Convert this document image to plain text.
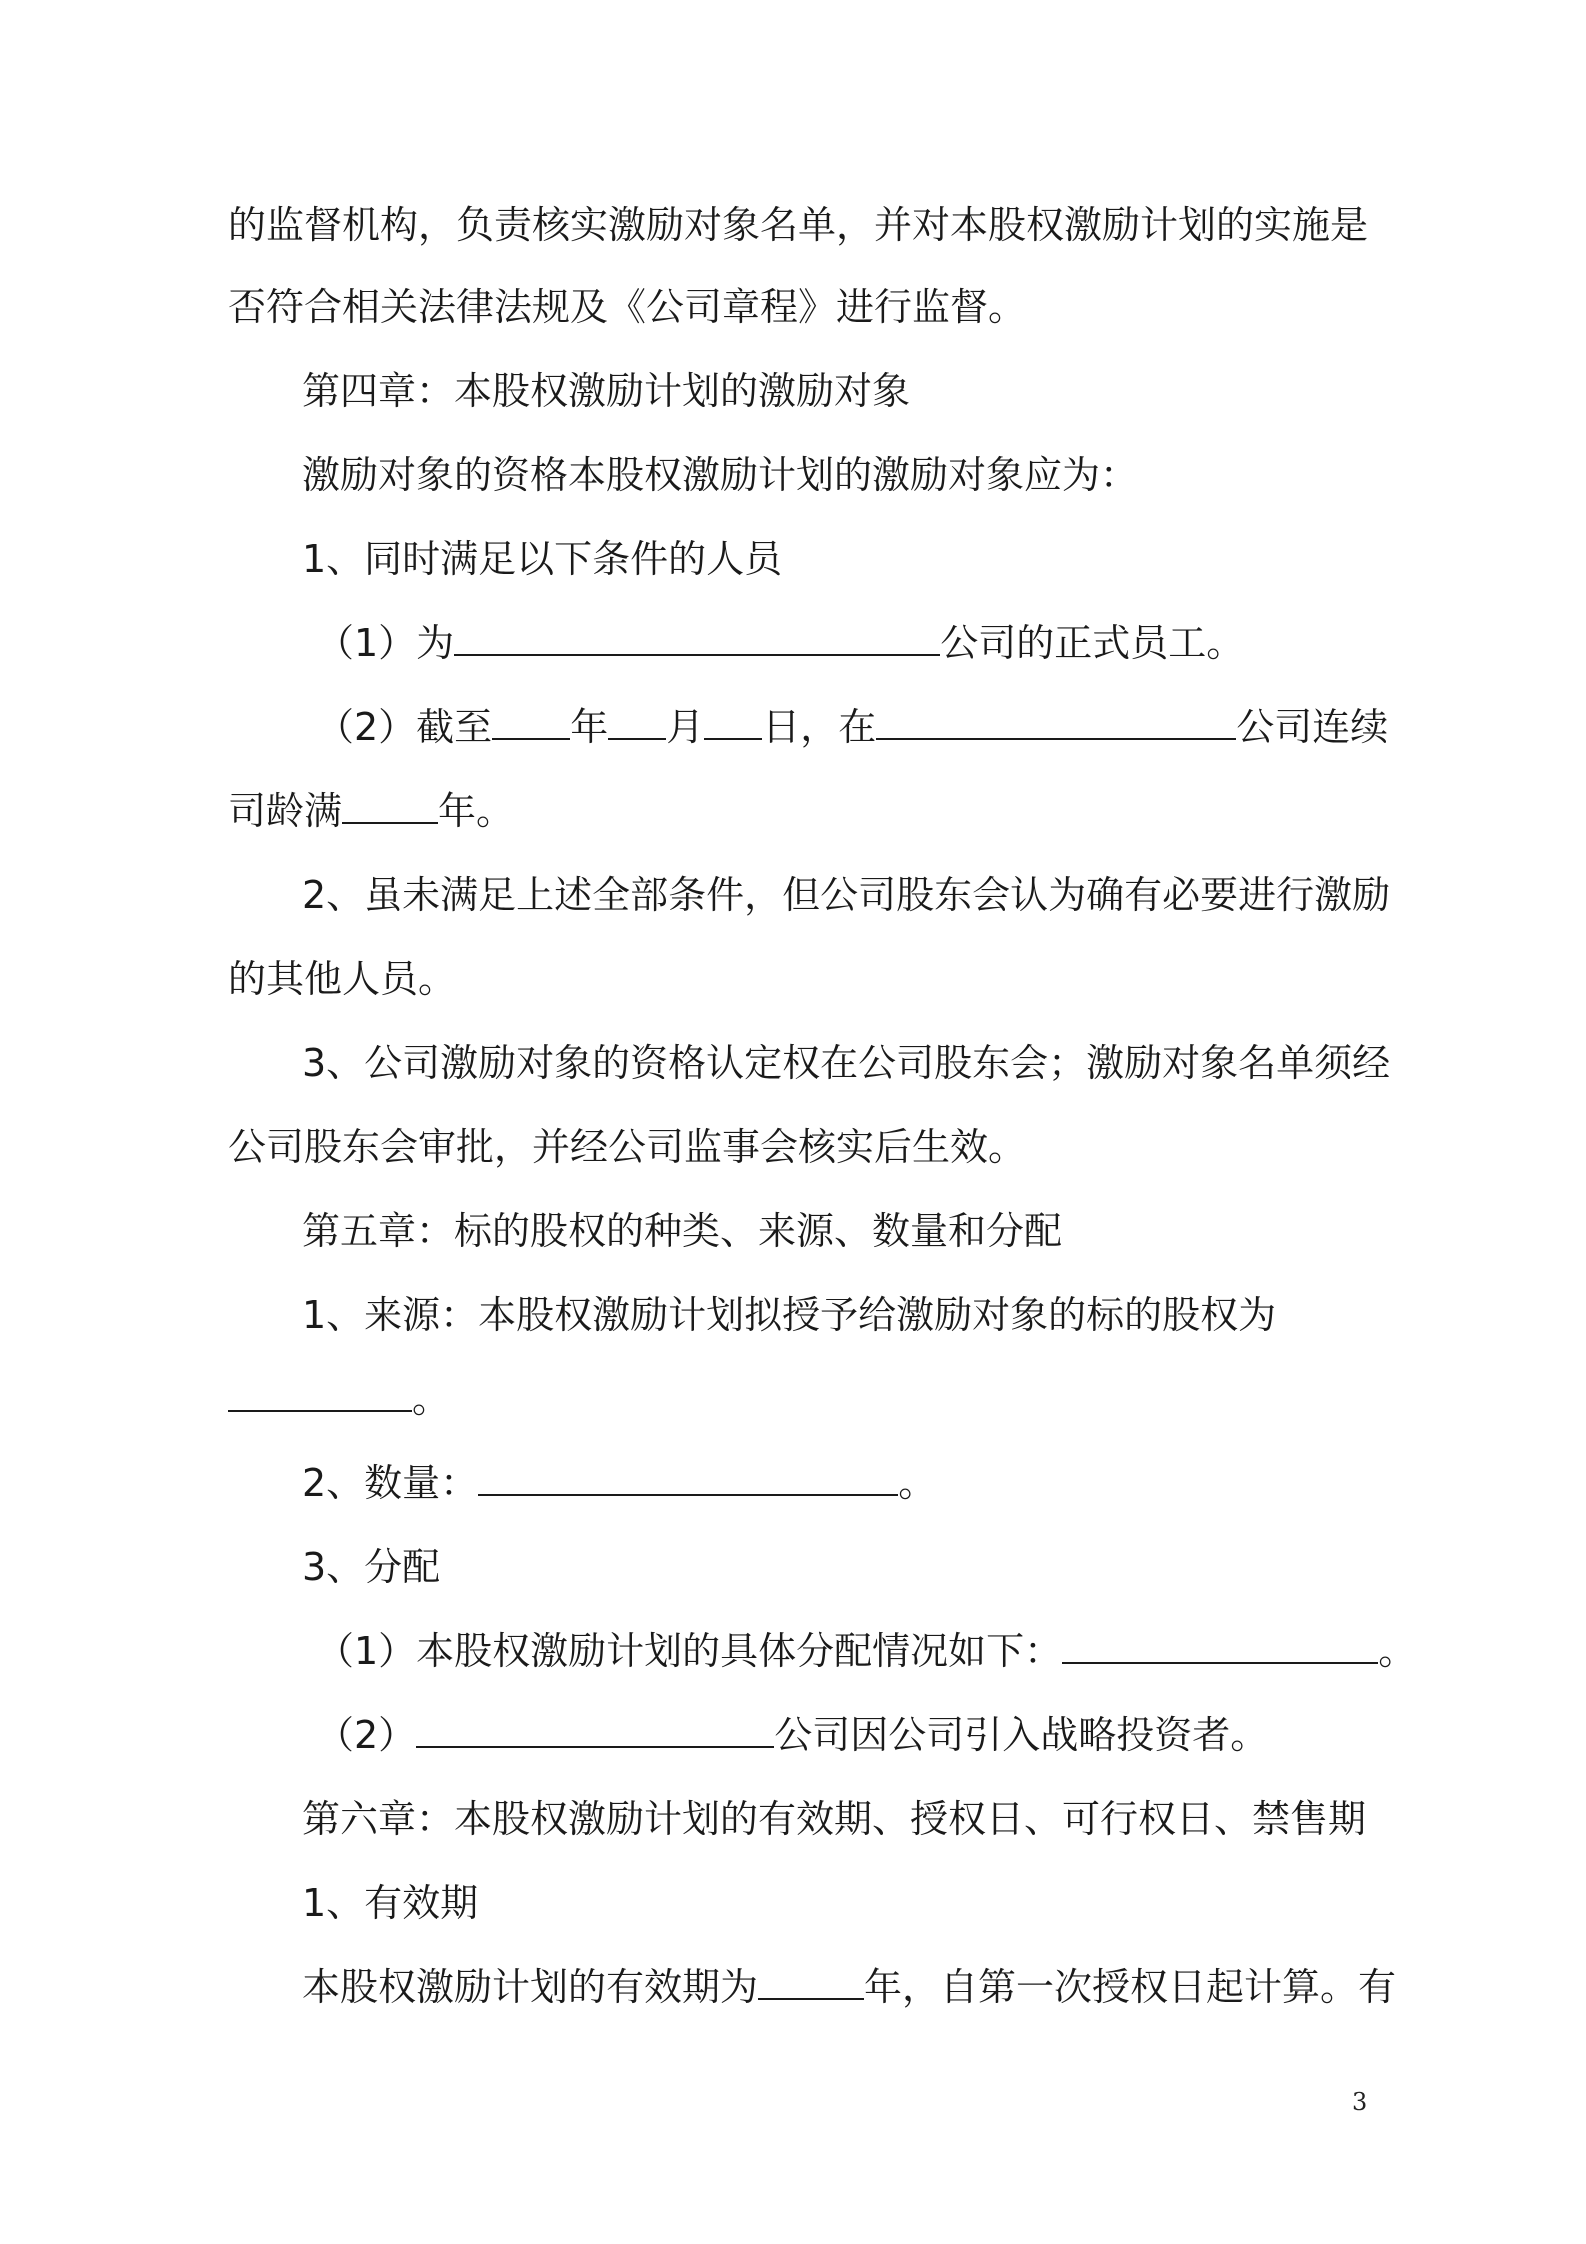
的监督机构，负责核实激励对象名单，并对本股权激励计划的实施是

否符合相关法律法规及《公司章程》进行监督。

第四章：本股权激励计划的激励对象

激励对象的资格本股权激励计划的激励对象应为：

1、同时满足以下条件的人员

（1）为	公司的正式员工。

（2）截至 年 月 日，在	公司连续

司龄满	年。

2、虽未满足上述全部条件，但公司股东会认为确有必要进行激励

的其他人员。

3、公司激励对象的资格认定权在公司股东会；激励对象名单须经

公司股东会审批，并经公司监事会核实后生效。

第五章：标的股权的种类、来源、数量和分配

1、来源：本股权激励计划拟授予给激励对象的标的股权为

。

2、数量：	。

3、分配

（1）本股权激励计划的具体分配情况如下：	。

（2）	公司因公司引入战略投资者。

第六章：本股权激励计划的有效期、授权日、可行权日、禁售期

1、有效期

本股权激励计划的有效期为	年，自第一次授权日起计算。有

3
